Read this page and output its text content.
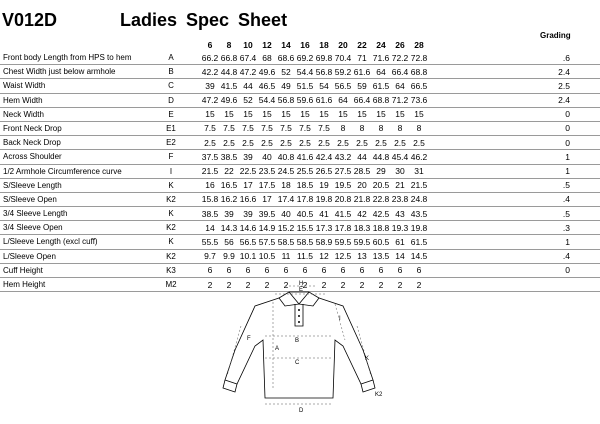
V012D	Ladies Spec Sheet
Grading
6	8	10	12	14	16	18	20	22	24	26	28
Front body Length from HPS to hem	A	66.2 66.8 67.4 68 68.6 69.2 69.8 70.4 71 71.6 72.2 72.8	.6
Chest Width just below armhole	B	42.2 44.8 47.2 49.6 52 54.4 56.8 59.2 61.6 64 66.4 68.8	2.4
Waist Width	C	39 41.5 44 46.5 49 51.5 54 56.5 59 61.5 64 66.5	2.5
Hem Width	D	47.2 49.6 52 54.4 56.8 59.6 61.6 64 66.4 68.8 71.2 73.6	2.4
Neck Width	E	15	15	15	15	15	15	15	15	15	15	15	15	0
Front Neck Drop	E1	7.5 7.5 7.5 7.5 7.5 7.5 7.5	8	8	8	8	8	0
Back Neck Drop	E2	2.5 2.5 2.5 2.5 2.5 2.5 2.5 2.5 2.5 2.5 2.5 2.5	0
Across Shoulder	F	37.5 38.5 39	40 40.8 41.6 42.4 43.2 44 44.8 45.4 46.2	1
1/2 Armhole Circumference curve	I	21.5 22 22.5 23.5 24.5 25.5 26.5 27.5 28.5 29	30	31	1
S/Sleeve Length	K	16 16.5 17 17.5 18 18.5 19 19.5 20 20.5 21 21.5	.5
S/Sleeve Open	K2	15.8 16.2 16.6 17 17.4 17.8 19.8 20.8 21.8 22.8 23.8 24.8	.4
3/4 Sleeve Length	K	38.5 39	39 39.5 40 40.5 41 41.5 42 42.5 43 43.5	.5
3/4 Sleeve Open	K2	14 14.3 14.6 14.9 15.2 15.5 17.3 17.8 18.3 18.8 19.3 19.8	.3
L/Sleeve Length (excl cuff)	K	55.5 56 56.5 57.5 58.5 58.5 58.9 59.5 59.5 60.5 61 61.5	1
L/Sleeve Open	K2	9.7 9.9 10.1 10.5 11 11.5 12 12.5 13 13.5 14 14.5	.4
Cuff Height	K3	6	6	6	6	6	6	6	6	6	6	6	6	0
Hem Height	M2	2	2	2	2	2	2	2	2	2	2	2	2
H
E
F
A
B
C
D
I
K
K2
